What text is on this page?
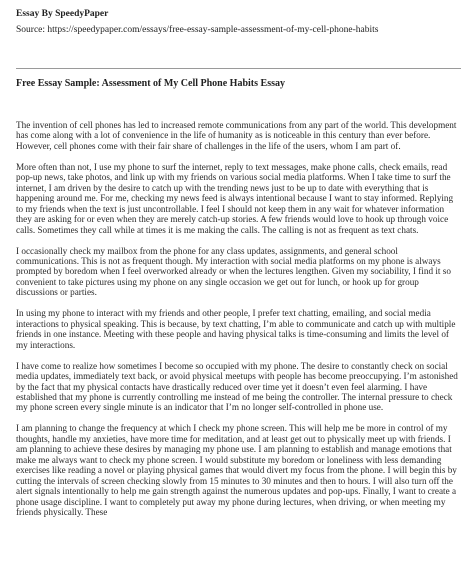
Essay By SpeedyPaper

Source: https://speedypaper.com/essays/free-essay-sample-assessment-of-my-cell-phone-habits

Free Essay Sample: Assessment of My Cell Phone Habits Essay

The invention of cell phones has led to increased remote communications from any part of the world. This development has come along with a lot of convenience in the life of humanity as is noticeable in this century than ever before. However, cell phones come with their fair share of challenges in the life of the users, whom I am part of.

More often than not, I use my phone to surf the internet, reply to text messages, make phone calls, check emails, read pop-up news, take photos, and link up with my friends on various social media platforms. When I take time to surf the internet, I am driven by the desire to catch up with the trending news just to be up to date with everything that is happening around me. For me, checking my news feed is always intentional because I want to stay informed. Replying to my friends when the text is just uncontrollable. I feel I should not keep them in any wait for whatever information they are asking for or even when they are merely catch-up stories. A few friends would love to hook up through voice calls. Sometimes they call while at times it is me making the calls. The calling is not as frequent as text chats.

I occasionally check my mailbox from the phone for any class updates, assignments, and general school communications. This is not as frequent though. My interaction with social media platforms on my phone is always prompted by boredom when I feel overworked already or when the lectures lengthen. Given my sociability, I find it so convenient to take pictures using my phone on any single occasion we get out for lunch, or hook up for group discussions or parties.

In using my phone to interact with my friends and other people, I prefer text chatting, emailing, and social media interactions to physical speaking. This is because, by text chatting, I’m able to communicate and catch up with multiple friends in one instance. Meeting with these people and having physical talks is time-consuming and limits the level of my interactions.

I have come to realize how sometimes I become so occupied with my phone. The desire to constantly check on social media updates, immediately text back, or avoid physical meetups with people has become preoccupying. I’m astonished by the fact that my physical contacts have drastically reduced over time yet it doesn’t even feel alarming. I have established that my phone is currently controlling me instead of me being the controller. The internal pressure to check my phone screen every single minute is an indicator that I’m no longer self-controlled in phone use.

I am planning to change the frequency at which I check my phone screen. This will help me be more in control of my thoughts, handle my anxieties, have more time for meditation, and at least get out to physically meet up with friends. I am planning to achieve these desires by managing my phone use. I am planning to establish and manage emotions that make me always want to check my phone screen. I would substitute my boredom or loneliness with less demanding exercises like reading a novel or playing physical games that would divert my focus from the phone. I will begin this by cutting the intervals of screen checking slowly from 15 minutes to 30 minutes and then to hours. I will also turn off the alert signals intentionally to help me gain strength against the numerous updates and pop-ups. Finally, I want to create a phone usage discipline. I want to completely put away my phone during lectures, when driving, or when meeting my friends physically. These
